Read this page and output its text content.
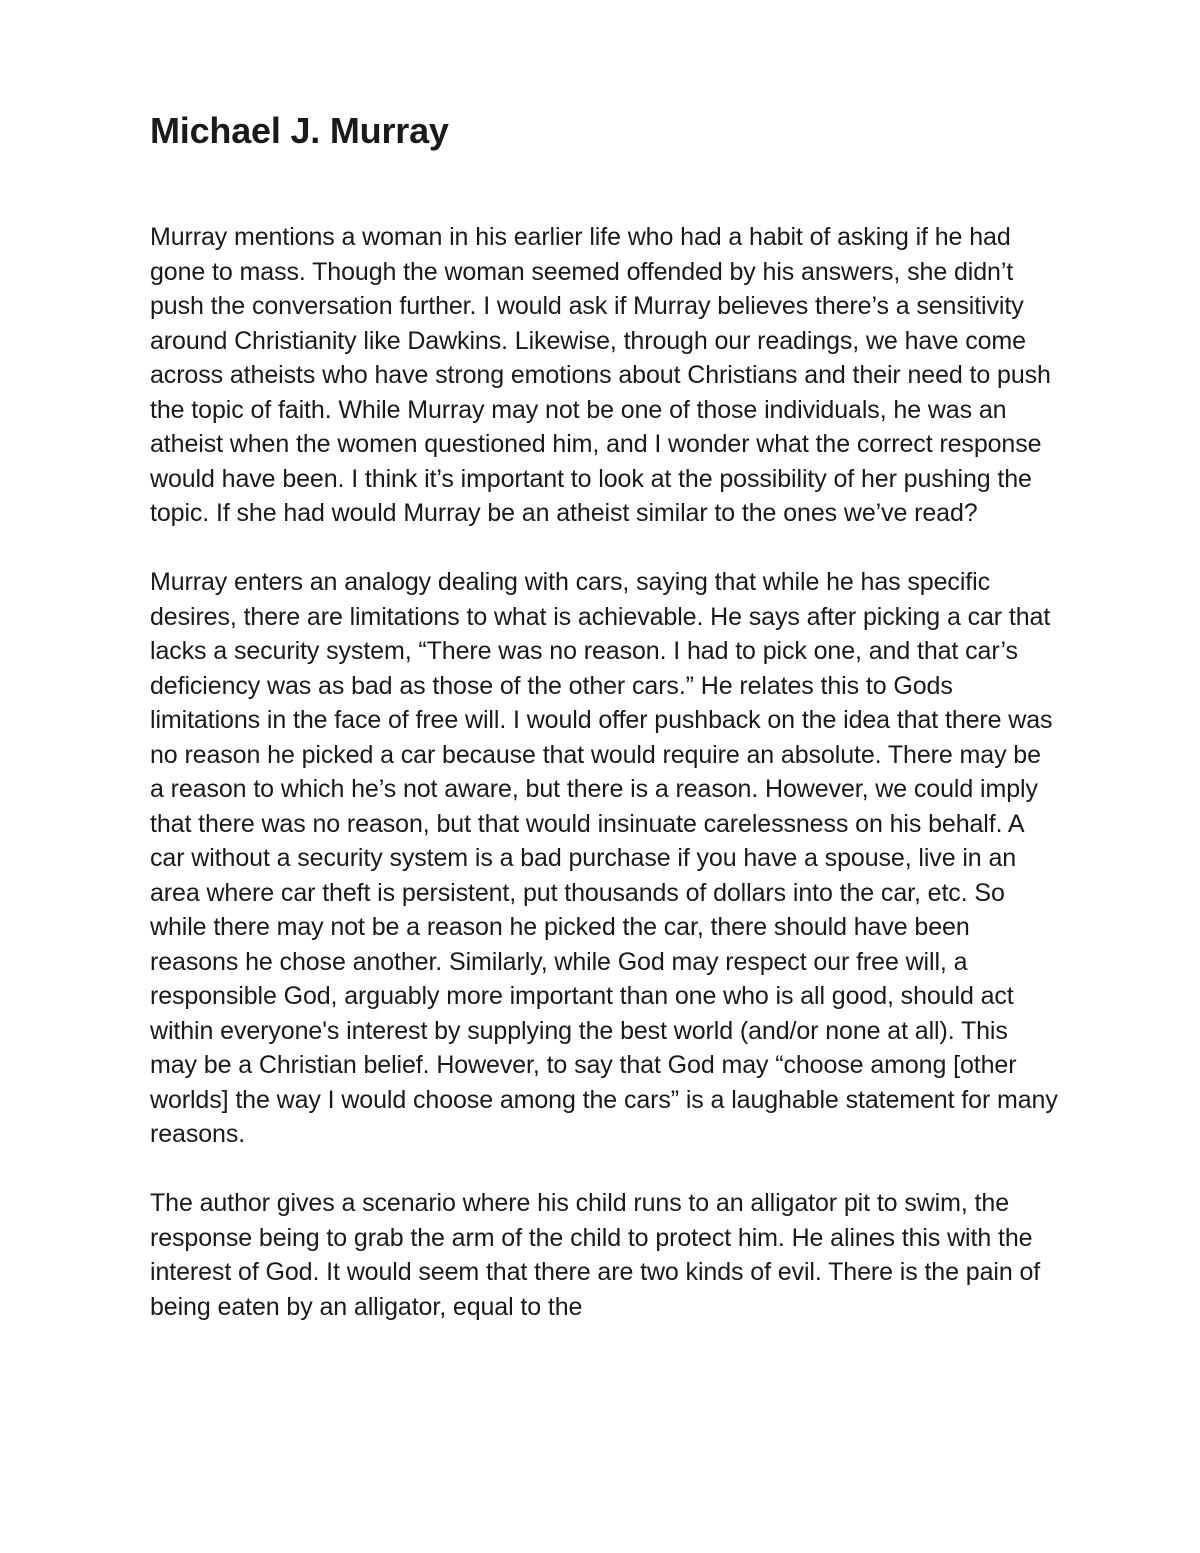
Michael J. Murray

Murray mentions a woman in his earlier life who had a habit of asking if he had gone to mass. Though the woman seemed offended by his answers, she didn’t push the conversation further. I would ask if Murray believes there’s a sensitivity around Christianity like Dawkins. Likewise, through our readings, we have come across atheists who have strong emotions about Christians and their need to push the topic of faith. While Murray may not be one of those individuals, he was an atheist when the women questioned him, and I wonder what the correct response would have been. I think it’s important to look at the possibility of her pushing the topic. If she had would Murray be an atheist similar to the ones we’ve read?

Murray enters an analogy dealing with cars, saying that while he has specific desires, there are limitations to what is achievable. He says after picking a car that lacks a security system, “There was no reason. I had to pick one, and that car’s deficiency was as bad as those of the other cars.” He relates this to Gods limitations in the face of free will. I would offer pushback on the idea that there was no reason he picked a car because that would require an absolute. There may be a reason to which he’s not aware, but there is a reason. However, we could imply that there was no reason, but that would insinuate carelessness on his behalf. A car without a security system is a bad purchase if you have a spouse, live in an area where car theft is persistent, put thousands of dollars into the car, etc. So while there may not be a reason he picked the car, there should have been reasons he chose another. Similarly, while God may respect our free will, a responsible God, arguably more important than one who is all good, should act within everyone's interest by supplying the best world (and/or none at all). This may be a Christian belief. However, to say that God may “choose among [other worlds] the way I would choose among the cars” is a laughable statement for many reasons.

The author gives a scenario where his child runs to an alligator pit to swim, the response being to grab the arm of the child to protect him. He alines this with the interest of God. It would seem that there are two kinds of evil. There is the pain of being eaten by an alligator, equal to the
